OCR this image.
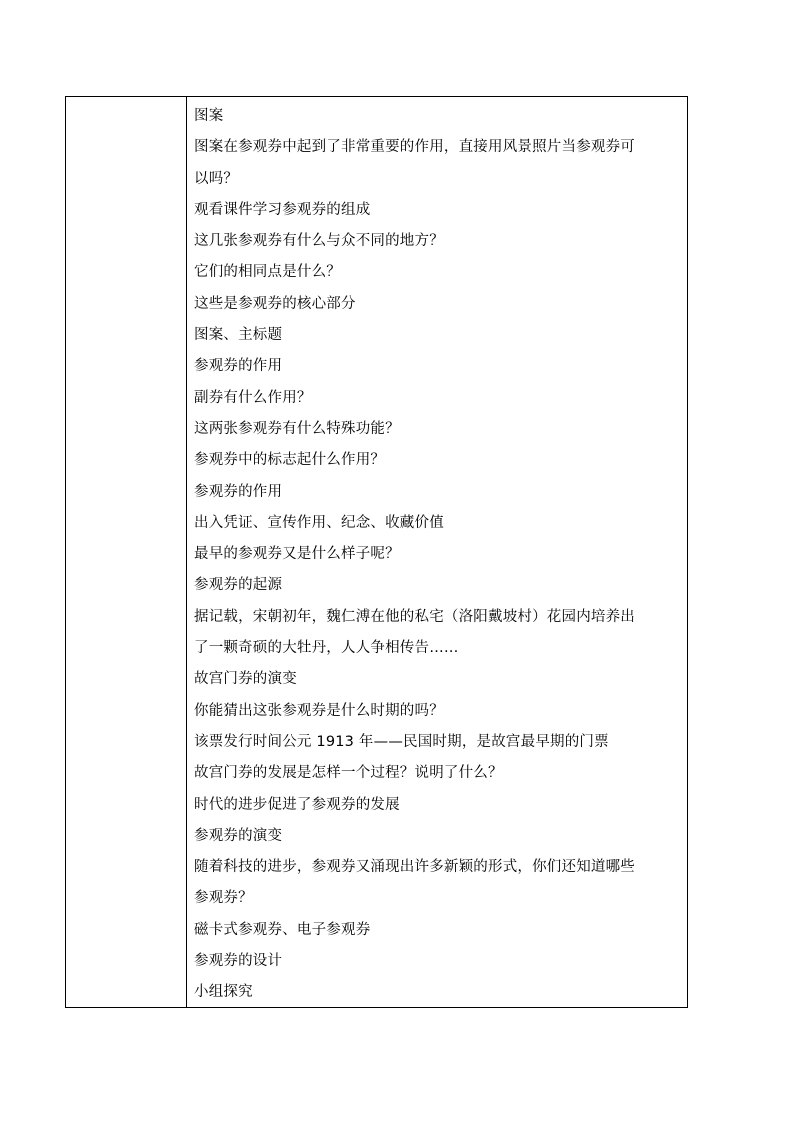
图案
图案在参观券中起到了非常重要的作用，直接用风景照片当参观券可
以吗？
观看课件学习参观券的组成
这几张参观券有什么与众不同的地方？
它们的相同点是什么？
这些是参观券的核心部分
图案、主标题
参观券的作用
副券有什么作用？
这两张参观券有什么特殊功能？
参观券中的标志起什么作用？
参观券的作用
出入凭证、宣传作用、纪念、收藏价值
最早的参观券又是什么样子呢？
参观券的起源
据记载，宋朝初年，魏仁溥在他的私宅（洛阳戴坡村）花园内培养出
了一颗奇硕的大牡丹，人人争相传告……
故宫门券的演变
你能猜出这张参观券是什么时期的吗？
该票发行时间公元 1913 年——民国时期，是故宫最早期的门票
故宫门券的发展是怎样一个过程？说明了什么？
时代的进步促进了参观券的发展
参观券的演变
随着科技的进步，参观券又涌现出许多新颖的形式，你们还知道哪些
参观券？
磁卡式参观券、电子参观券
参观券的设计
小组探究
